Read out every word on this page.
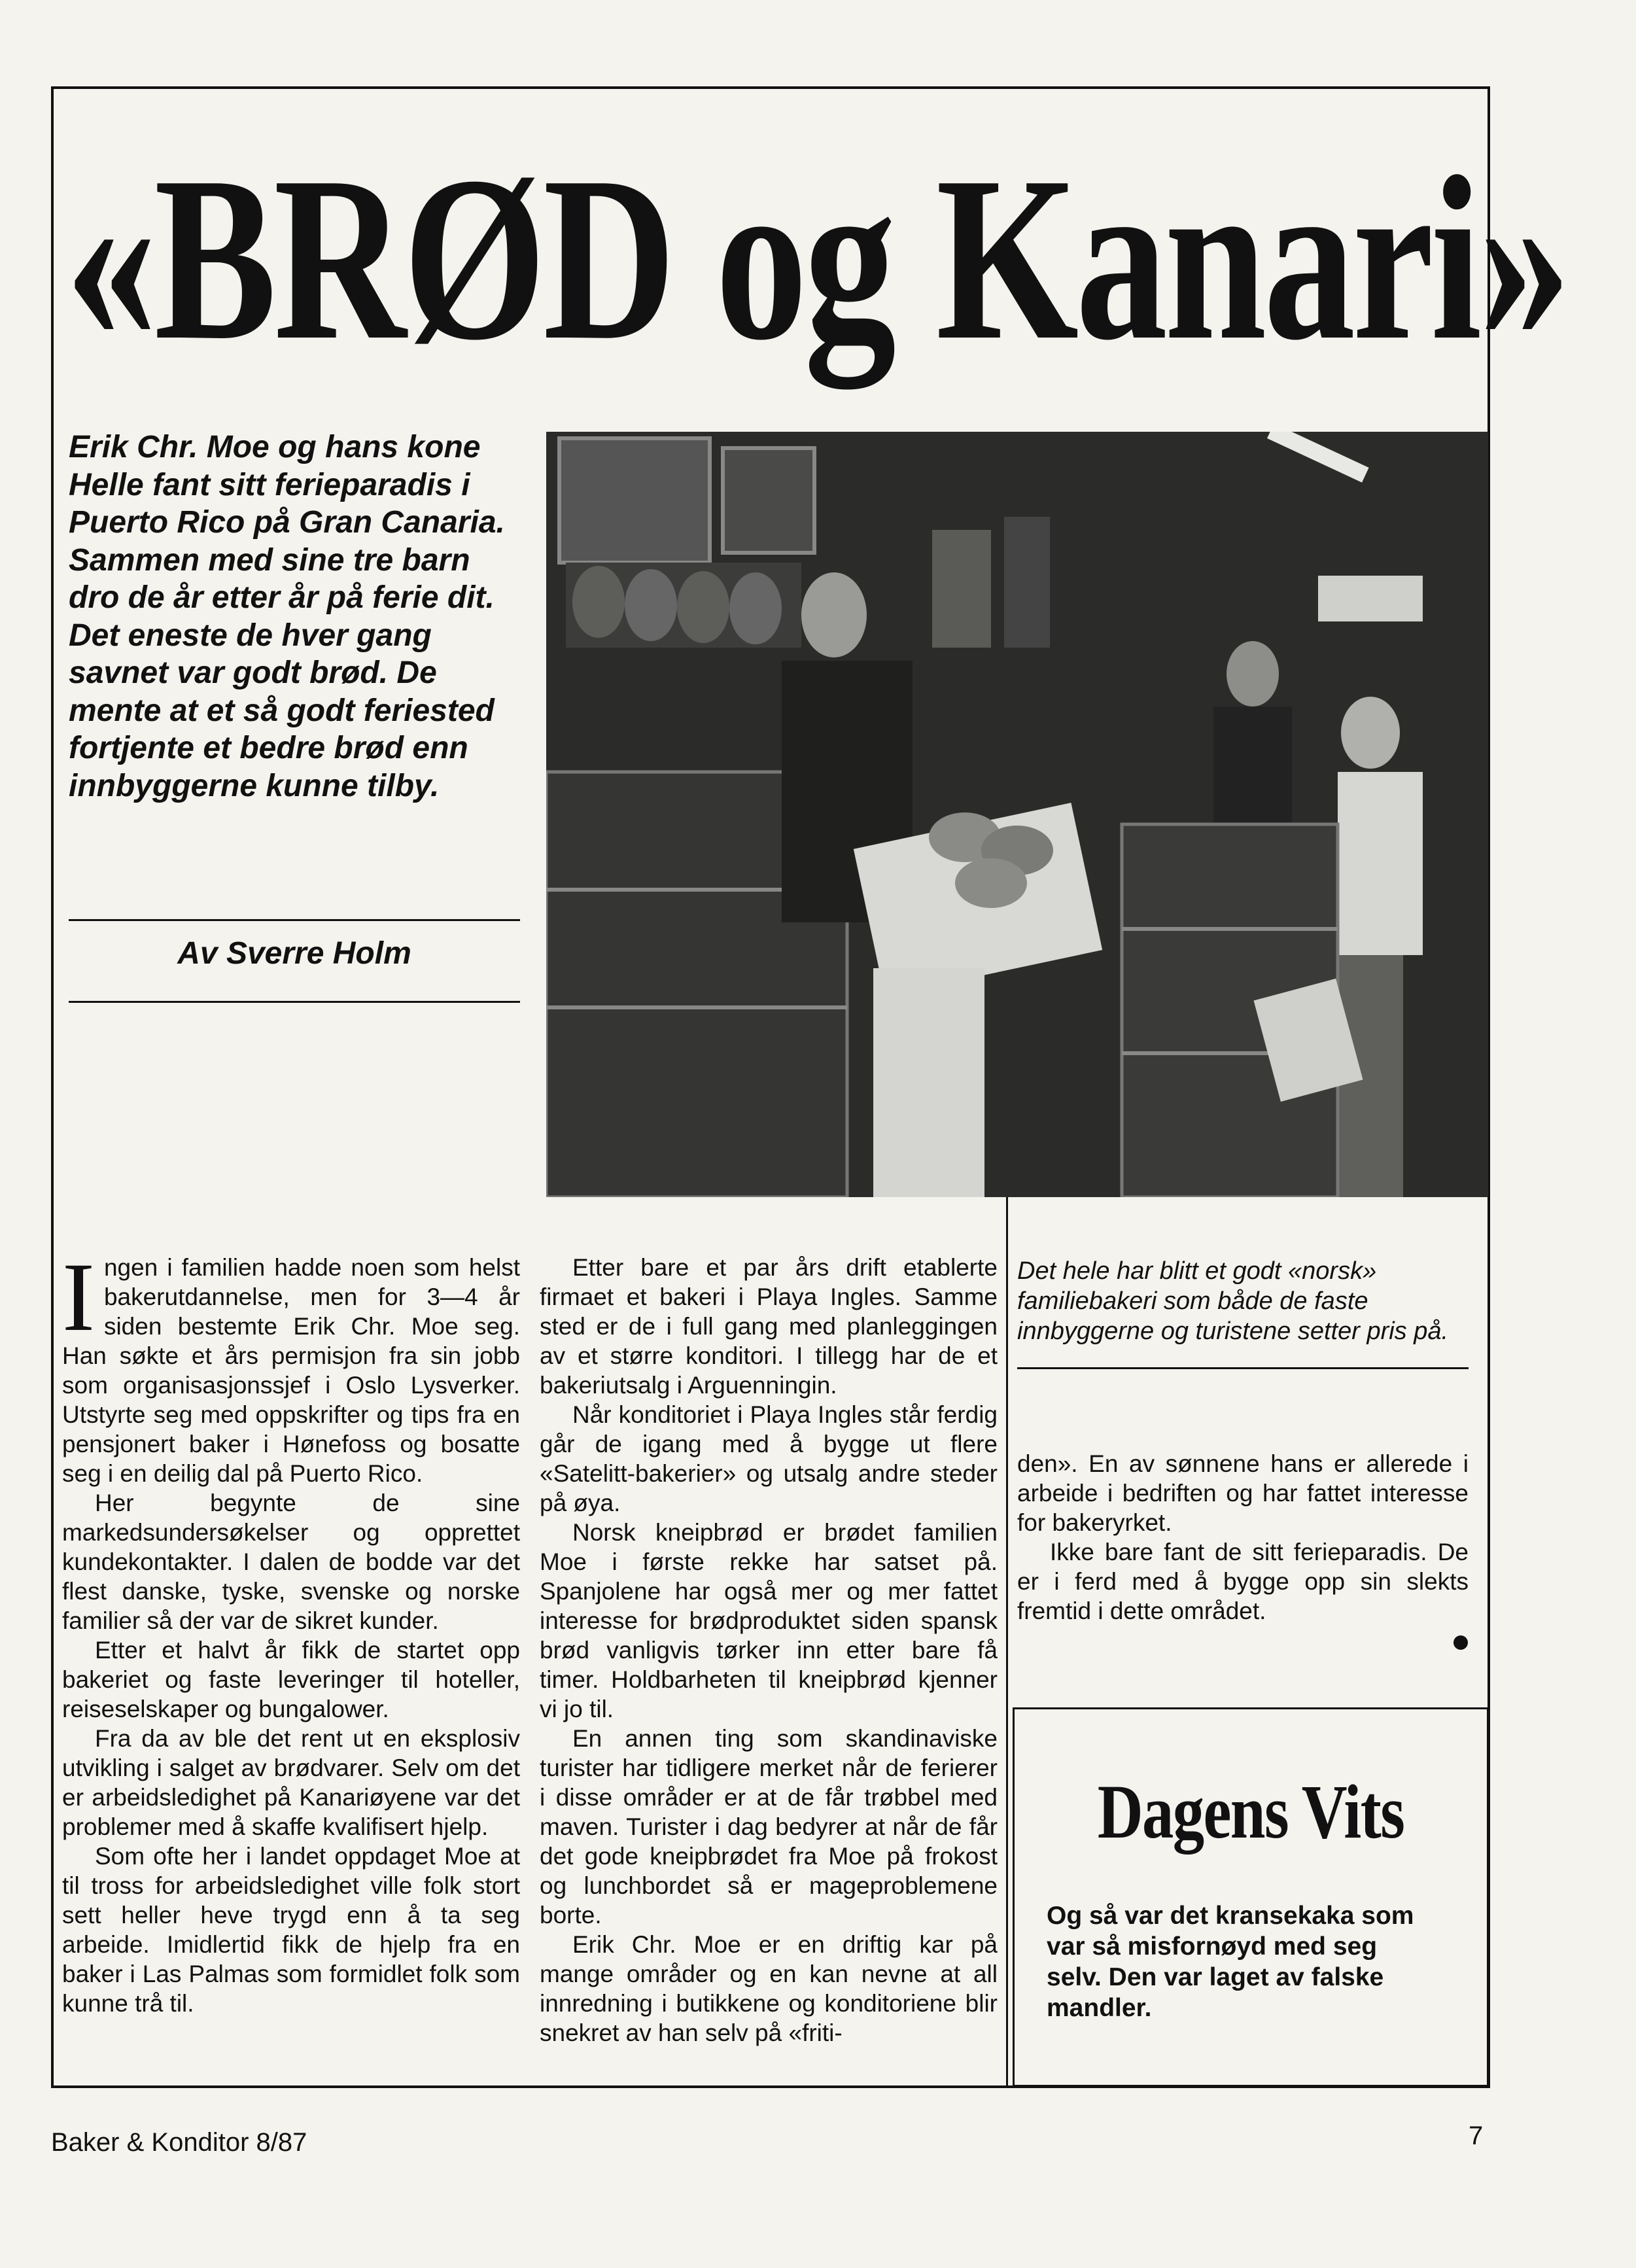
«BRØD og Kanari»
Erik Chr. Moe og hans kone
Helle fant sitt ferieparadis i
Puerto Rico på Gran Canaria.
Sammen med sine tre barn
dro de år etter år på ferie dit.
Det eneste de hver gang
savnet var godt brød. De
mente at et så godt feriested
fortjente et bedre brød enn
innbyggerne kunne tilby.
Av Sverre Holm

Ingen i familien hadde noen som helst bakerutdannelse, men for 3—4 år siden bestemte Erik Chr. Moe seg. Han søkte et års permisjon fra sin jobb som organisasjonssjef i Oslo Lysverker. Utstyrte seg med oppskrifter og tips fra en pensjonert baker i Hønefoss og bosatte seg i en deilig dal på Puerto Rico.

Her begynte de sine markedsundersøkelser og opprettet kundekontakter. I dalen de bodde var det flest danske, tyske, svenske og norske familier så der var de sikret kunder.

Etter et halvt år fikk de startet opp bakeriet og faste leveringer til hoteller, reiseselskaper og bungalower.

Fra da av ble det rent ut en eksplosiv utvikling i salget av brødvarer. Selv om det er arbeidsledighet på Kanariøyene var det problemer med å skaffe kvalifisert hjelp.

Som ofte her i landet oppdaget Moe at til tross for arbeidsledighet ville folk stort sett heller heve trygd enn å ta seg arbeide. Imidlertid fikk de hjelp fra en baker i Las Palmas som formidlet folk som kunne trå til.

Etter bare et par års drift etablerte firmaet et bakeri i Playa Ingles. Samme sted er de i full gang med planleggingen av et større konditori. I tillegg har de et bakeriutsalg i Arguenningin.

Når konditoriet i Playa Ingles står ferdig går de igang med å bygge ut flere «Satelitt-bakerier» og utsalg andre steder på øya.

Norsk kneipbrød er brødet familien Moe i første rekke har satset på. Spanjolene har også mer og mer fattet interesse for brødproduktet siden spansk brød vanligvis tørker inn etter bare få timer. Holdbarheten til kneipbrød kjenner vi jo til.

En annen ting som skandinaviske turister har tidligere merket når de ferierer i disse områder er at de får trøbbel med maven. Turister i dag bedyrer at når de får det gode kneipbrødet fra Moe på frokost og lunchbordet så er mageproblemene borte.

Erik Chr. Moe er en driftig kar på mange områder og en kan nevne at all innredning i butikkene og konditoriene blir snekret av han selv på «friti-

Det hele har blitt et godt «norsk» familiebakeri som både de faste innbyggerne og turistene setter pris på.

den». En av sønnene hans er allerede i arbeide i bedriften og har fattet interesse for bakeryrket.

Ikke bare fant de sitt ferieparadis. De er i ferd med å bygge opp sin slekts fremtid i dette området.

Dagens Vits
Og så var det kransekaka som
var så misfornøyd med seg
selv. Den var laget av falske
mandler.
Baker & Konditor 8/87	7
